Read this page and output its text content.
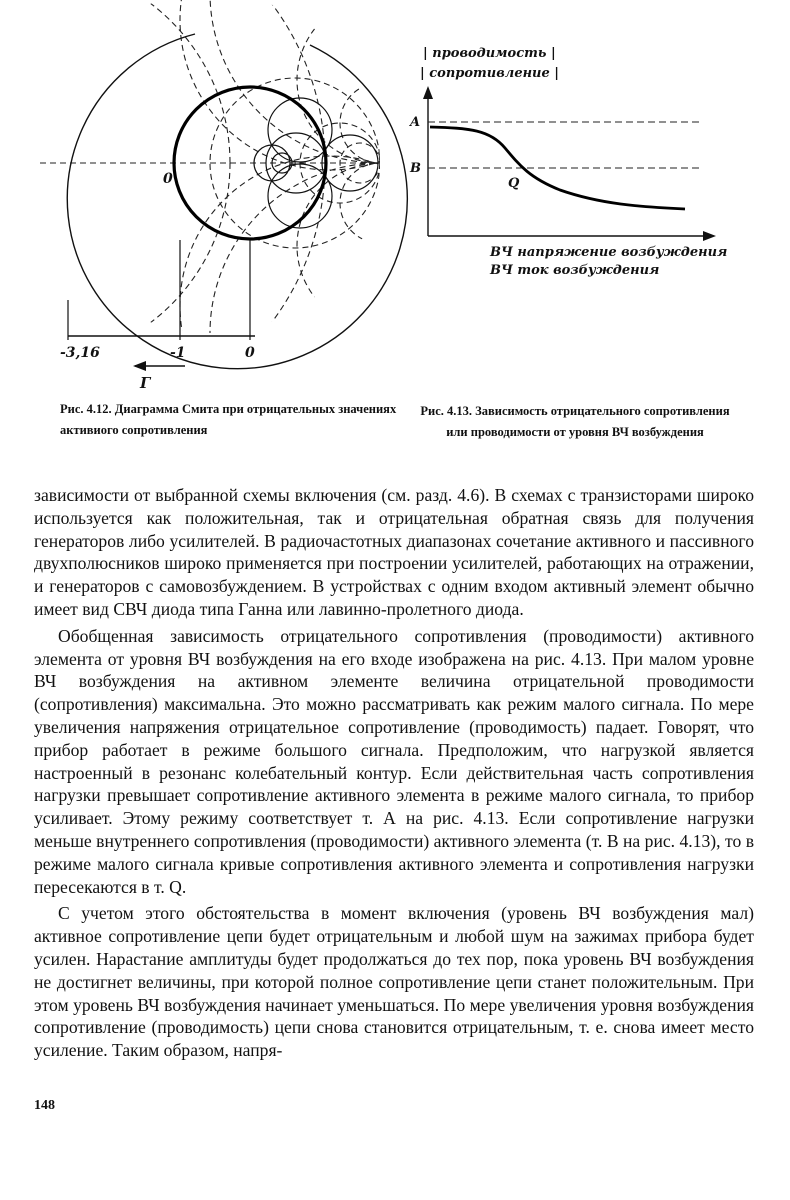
-3,16	-1	0
0
Г
| проводимость |
| сопротивление |
A
B
Q
ВЧ напряжение возбуждения
ВЧ ток возбуждения
Рис. 4.12. Диаграмма Смита при отрицательных значениях активиого сопротивления
Рис. 4.13. Зависимость отрицательного сопротивления или проводимости от уровня ВЧ возбуждения

зависимости от выбранной схемы включения (см. разд. 4.6). В схемах с транзисторами широко используется как положительная, так и отрицательная обратная связь для получения генераторов либо усилителей. В радиочастотных диапазонах сочетание активного и пассивного двухполюсников широко применяется при построении усилителей, работающих на отражении, и генераторов с самовозбуждением. В устройствах с одним входом активный элемент обычно имеет вид СВЧ диода типа Ганна или лавинно-пролетного диода.

Обобщенная зависимость отрицательного сопротивления (проводимости) активного элемента от уровня ВЧ возбуждения на его входе изображена на рис. 4.13. При малом уровне ВЧ возбуждения на активном элементе величина отрицательной проводимости (сопротивления) максимальна. Это можно рассматривать как режим малого сигнала. По мере увеличения напряжения отрицательное сопротивление (проводимость) падает. Говорят, что прибор работает в режиме большого сигнала. Предположим, что нагрузкой является настроенный в резонанс колебательный контур. Если действительная часть сопротивления нагрузки превышает сопротивление активного элемента в режиме малого сигнала, то прибор усиливает. Этому режиму соответствует т. А на рис. 4.13. Если сопротивление нагрузки меньше внутреннего сопротивления (проводимости) активного элемента (т. В на рис. 4.13), то в режиме малого сигнала кривые сопротивления активного элемента и сопротивления нагрузки пересекаются в т. Q.

С учетом этого обстоятельства в момент включения (уровень ВЧ возбуждения мал) активное сопротивление цепи будет отрицательным и любой шум на зажимах прибора будет усилен. Нарастание амплитуды будет продолжаться до тех пор, пока уровень ВЧ возбуждения не достигнет величины, при которой полное сопротивление цепи станет положительным. При этом уровень ВЧ возбуждения начинает уменьшаться. По мере увеличения уровня возбуждения сопротивление (проводимость) цепи снова становится отрицательным, т. е. снова имеет место усиление. Таким образом, напря-

148
